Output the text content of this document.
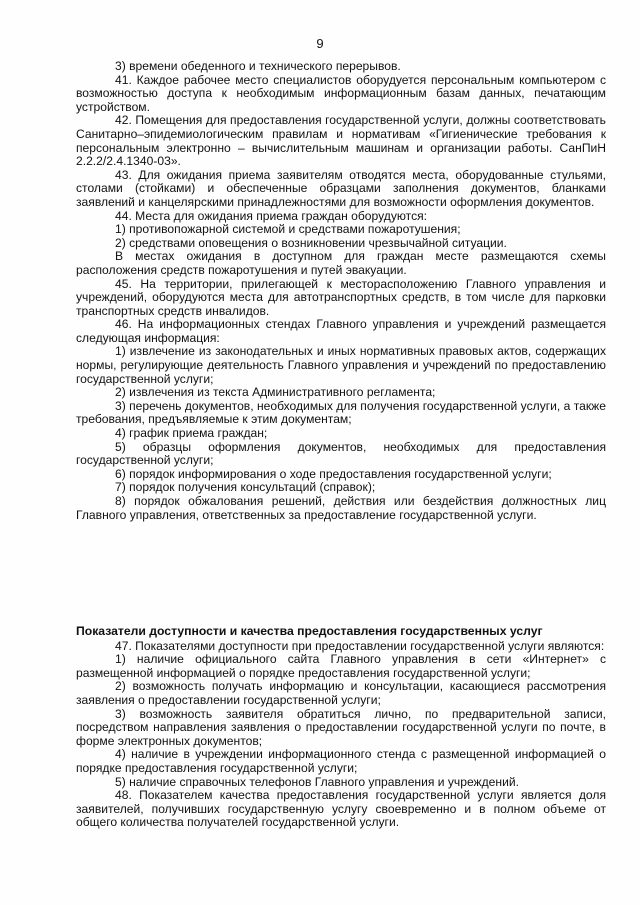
9

3) времени обеденного и технического перерывов.

41. Каждое рабочее место специалистов оборудуется персональным компьютером с возможностью доступа к необходимым информационным базам данных, печатающим устройством.

42. Помещения для предоставления государственной услуги, должны соответствовать Санитарно–эпидемиологическим правилам и нормативам «Гигиенические требования к персональным электронно – вычислительным машинам и организации работы. СанПиН 2.2.2/2.4.1340-03».

43. Для ожидания приема заявителям отводятся места, оборудованные стульями, столами (стойками) и обеспеченные образцами заполнения документов, бланками заявлений и канцелярскими принадлежностями для возможности оформления документов.

44. Места для ожидания приема граждан оборудуются:

1) противопожарной системой и средствами пожаротушения;

2) средствами оповещения о возникновении чрезвычайной ситуации.

В местах ожидания в доступном для граждан месте размещаются схемы расположения средств пожаротушения и путей эвакуации.

45. На территории, прилегающей к месторасположению Главного управления и учреждений, оборудуются места для автотранспортных средств, в том числе для парковки транспортных средств инвалидов.

46. На информационных стендах Главного управления и учреждений размещается следующая информация:

1) извлечение из законодательных и иных нормативных правовых актов, содержащих нормы, регулирующие деятельность Главного управления и учреждений по предоставлению государственной услуги;

2) извлечения из текста Административного регламента;

3) перечень документов, необходимых для получения государственной услуги, а также требования, предъявляемые к этим документам;

4) график приема граждан;

5) образцы оформления документов, необходимых для предоставления государственной услуги;

6) порядок информирования о ходе предоставления государственной услуги;

7) порядок получения консультаций (справок);

8) порядок обжалования решений, действия или бездействия должностных лиц Главного управления, ответственных за предоставление государственной услуги.

Показатели доступности и качества предоставления государственных услуг

47. Показателями доступности при предоставлении государственной услуги являются:

1) наличие официального сайта Главного управления в сети «Интернет» с размещенной информацией о порядке предоставления государственной услуги;

2) возможность получать информацию и консультации, касающиеся рассмотрения заявления о предоставлении государственной услуги;

3) возможность заявителя обратиться лично, по предварительной записи, посредством направления заявления о предоставлении государственной услуги по почте, в форме электронных документов;

4) наличие в учреждении информационного стенда с размещенной информацией о порядке предоставления государственной услуги;

5) наличие справочных телефонов Главного управления и учреждений.

48. Показателем качества предоставления государственной услуги является доля заявителей, получивших государственную услугу своевременно и в полном объеме от общего количества получателей государственной услуги.
